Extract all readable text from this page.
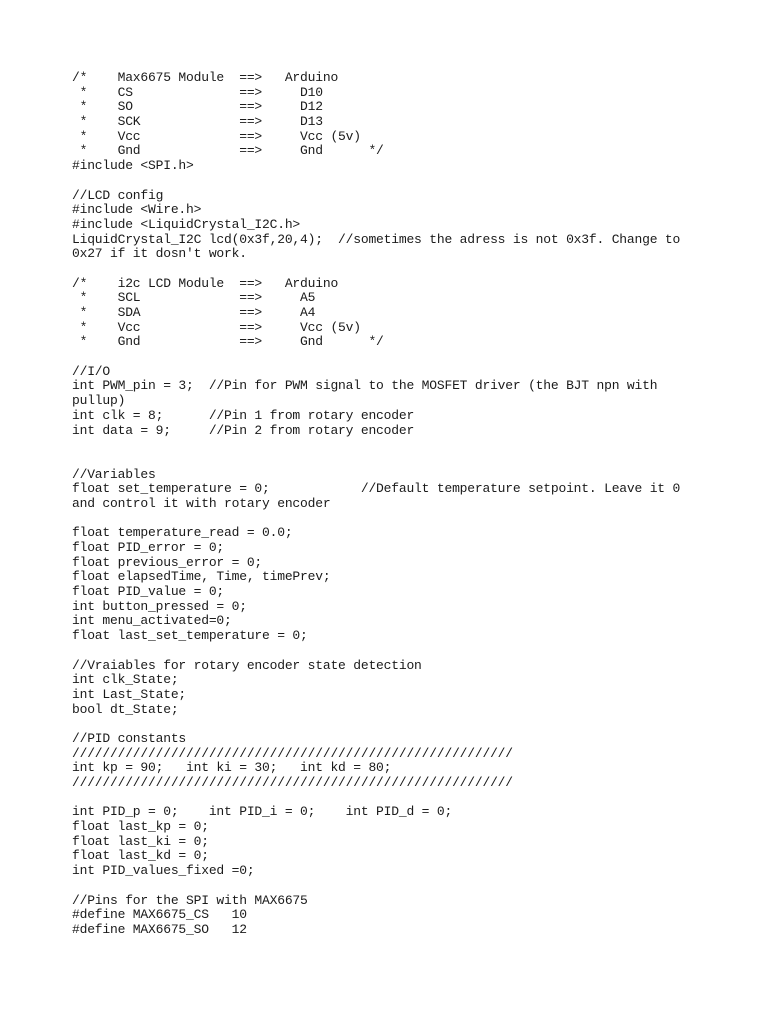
/*    Max6675 Module  ==>   Arduino
*    CS              ==>     D10
*    SO              ==>     D12
*    SCK             ==>     D13
*    Vcc             ==>     Vcc (5v)
*    Gnd             ==>     Gnd      */
#include <SPI.h>
//LCD config
#include <Wire.h>
#include <LiquidCrystal_I2C.h>
LiquidCrystal_I2C lcd(0x3f,20,4);  //sometimes the adress is not 0x3f. Change to
0x27 if it dosn't work.
/*    i2c LCD Module  ==>   Arduino
*    SCL             ==>     A5
*    SDA             ==>     A4
*    Vcc             ==>     Vcc (5v)
*    Gnd             ==>     Gnd      */
//I/O
int PWM_pin = 3;  //Pin for PWM signal to the MOSFET driver (the BJT npn with
pullup)
int clk = 8;      //Pin 1 from rotary encoder
int data = 9;     //Pin 2 from rotary encoder
//Variables
float set_temperature = 0;            //Default temperature setpoint. Leave it 0
and control it with rotary encoder
float temperature_read = 0.0;
float PID_error = 0;
float previous_error = 0;
float elapsedTime, Time, timePrev;
float PID_value = 0;
int button_pressed = 0;
int menu_activated=0;
float last_set_temperature = 0;
//Vraiables for rotary encoder state detection
int clk_State;
int Last_State;
bool dt_State;
//PID constants
//////////////////////////////////////////////////////////
int kp = 90;   int ki = 30;   int kd = 80;
//////////////////////////////////////////////////////////
int PID_p = 0;    int PID_i = 0;    int PID_d = 0;
float last_kp = 0;
float last_ki = 0;
float last_kd = 0;
int PID_values_fixed =0;
//Pins for the SPI with MAX6675
#define MAX6675_CS   10
#define MAX6675_SO   12
